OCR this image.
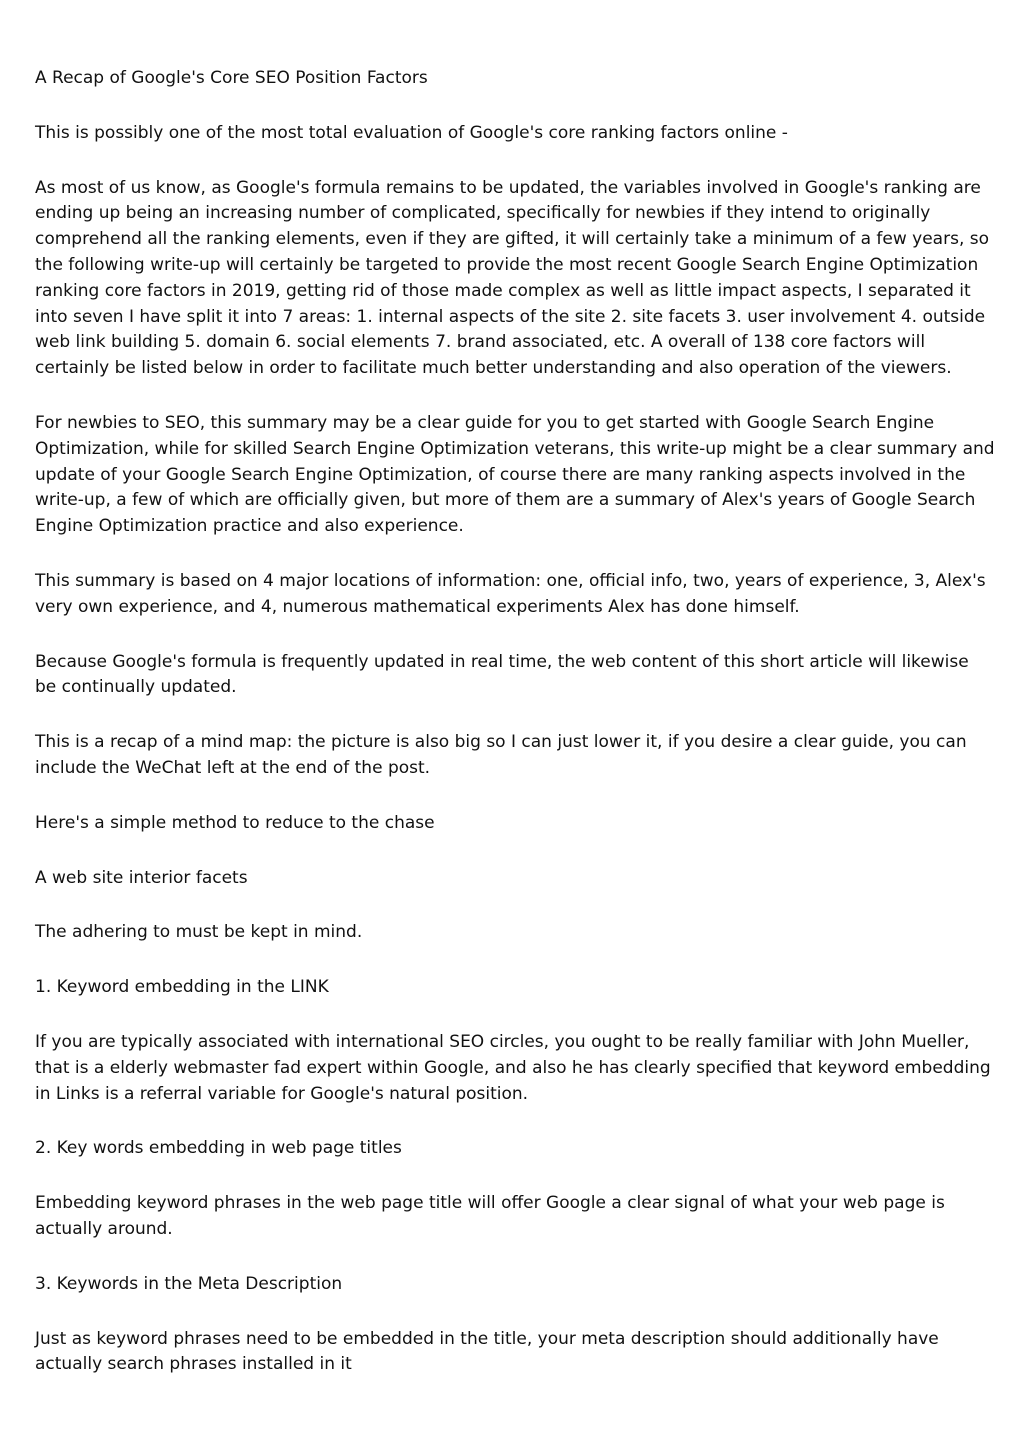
A Recap of Google's Core SEO Position Factors

This is possibly one of the most total evaluation of Google's core ranking factors online -

As most of us know, as Google's formula remains to be updated, the variables involved in Google's ranking are ending up being an increasing number of complicated, specifically for newbies if they intend to originally comprehend all the ranking elements, even if they are gifted, it will certainly take a minimum of a few years, so the following write-up will certainly be targeted to provide the most recent Google Search Engine Optimization ranking core factors in 2019, getting rid of those made complex as well as little impact aspects, I separated it into seven I have split it into 7 areas: 1. internal aspects of the site 2. site facets 3. user involvement 4. outside web link building 5. domain 6. social elements 7. brand associated, etc. A overall of 138 core factors will certainly be listed below in order to facilitate much better understanding and also operation of the viewers.

For newbies to SEO, this summary may be a clear guide for you to get started with Google Search Engine Optimization, while for skilled Search Engine Optimization veterans, this write-up might be a clear summary and update of your Google Search Engine Optimization, of course there are many ranking aspects involved in the write-up, a few of which are officially given, but more of them are a summary of Alex's years of Google Search Engine Optimization practice and also experience.

This summary is based on 4 major locations of information: one, official info, two, years of experience, 3, Alex's very own experience, and 4, numerous mathematical experiments Alex has done himself.

Because Google's formula is frequently updated in real time, the web content of this short article will likewise be continually updated.

This is a recap of a mind map: the picture is also big so I can just lower it, if you desire a clear guide, you can include the WeChat left at the end of the post.

Here's a simple method to reduce to the chase

A web site interior facets

The adhering to must be kept in mind.

1. Keyword embedding in the LINK

If you are typically associated with international SEO circles, you ought to be really familiar with John Mueller, that is a elderly webmaster fad expert within Google, and also he has clearly specified that keyword embedding in Links is a referral variable for Google's natural position.

2. Key words embedding in web page titles

Embedding keyword phrases in the web page title will offer Google a clear signal of what your web page is actually around.

3. Keywords in the Meta Description

Just as keyword phrases need to be embedded in the title, your meta description should additionally have actually search phrases installed in it
